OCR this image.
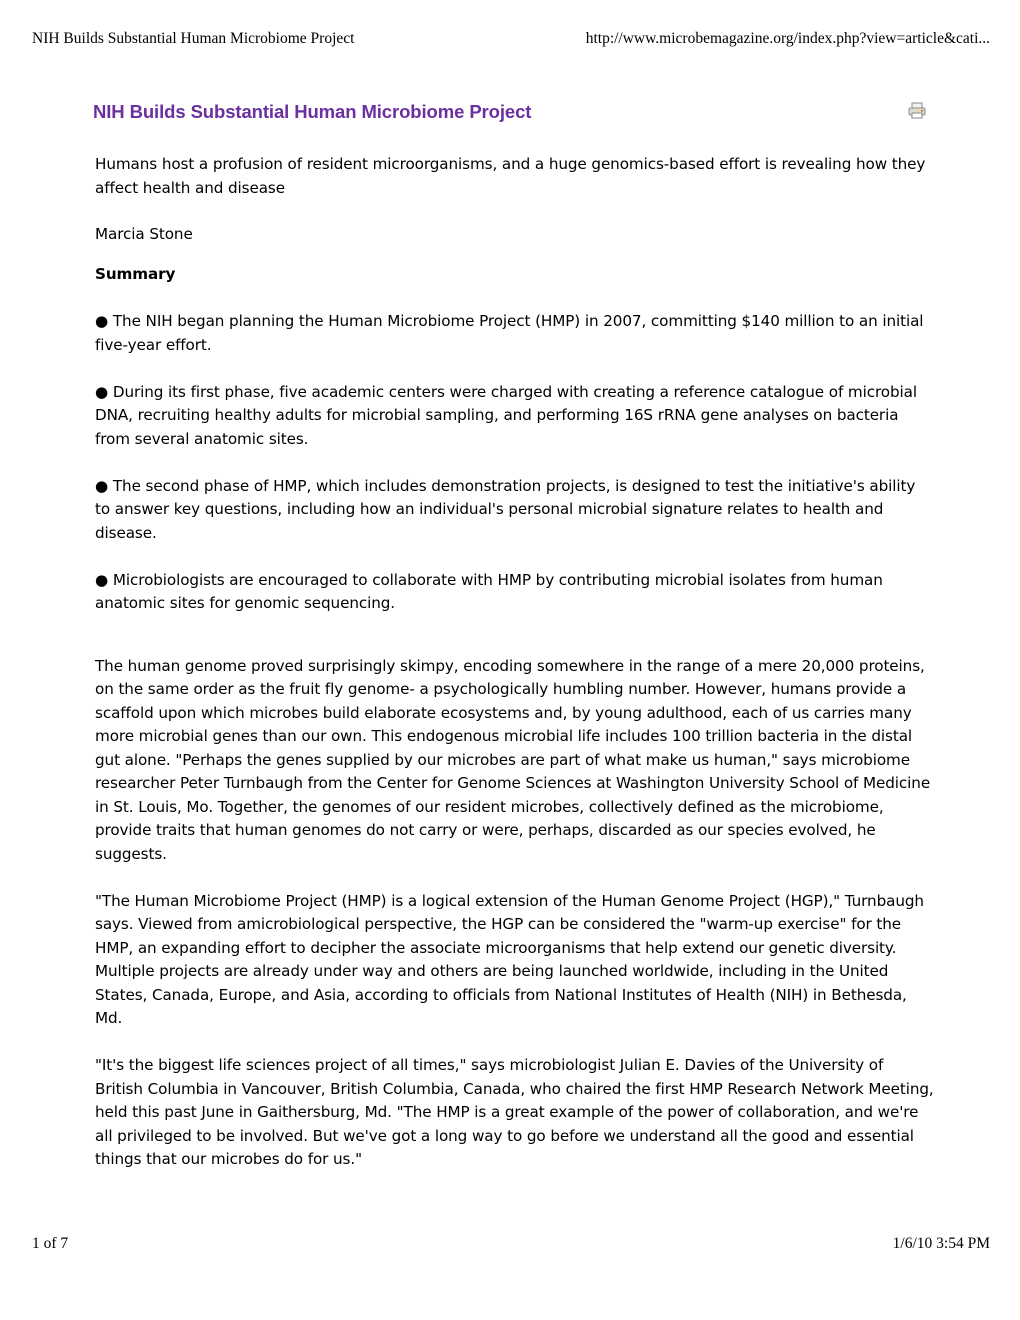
NIH Builds Substantial Human Microbiome Project	http://www.microbemagazine.org/index.php?view=article&cati...
NIH Builds Substantial Human Microbiome Project

Humans host a profusion of resident microorganisms, and a huge genomics-based effort is revealing how they affect health and disease

Marcia Stone

Summary

● The NIH began planning the Human Microbiome Project (HMP) in 2007, committing $140 million to an initial five-year effort.

● During its first phase, five academic centers were charged with creating a reference catalogue of microbial DNA, recruiting healthy adults for microbial sampling, and performing 16S rRNA gene analyses on bacteria from several anatomic sites.

● The second phase of HMP, which includes demonstration projects, is designed to test the initiative's ability to answer key questions, including how an individual's personal microbial signature relates to health and disease.

● Microbiologists are encouraged to collaborate with HMP by contributing microbial isolates from human anatomic sites for genomic sequencing.

The human genome proved surprisingly skimpy, encoding somewhere in the range of a mere 20,000 proteins, on the same order as the fruit fly genome- a psychologically humbling number. However, humans provide a scaffold upon which microbes build elaborate ecosystems and, by young adulthood, each of us carries many more microbial genes than our own. This endogenous microbial life includes 100 trillion bacteria in the distal gut alone. "Perhaps the genes supplied by our microbes are part of what make us human," says microbiome researcher Peter Turnbaugh from the Center for Genome Sciences at Washington University School of Medicine in St. Louis, Mo. Together, the genomes of our resident microbes, collectively defined as the microbiome, provide traits that human genomes do not carry or were, perhaps, discarded as our species evolved, he suggests.

"The Human Microbiome Project (HMP) is a logical extension of the Human Genome Project (HGP)," Turnbaugh says. Viewed from amicrobiological perspective, the HGP can be considered the "warm-up exercise" for the HMP, an expanding effort to decipher the associate microorganisms that help extend our genetic diversity. Multiple projects are already under way and others are being launched worldwide, including in the United States, Canada, Europe, and Asia, according to officials from National Institutes of Health (NIH) in Bethesda, Md.

"It's the biggest life sciences project of all times," says microbiologist Julian E. Davies of the University of British Columbia in Vancouver, British Columbia, Canada, who chaired the first HMP Research Network Meeting, held this past June in Gaithersburg, Md. "The HMP is a great example of the power of collaboration, and we're all privileged to be involved. But we've got a long way to go before we understand all the good and essential things that our microbes do for us."

1 of 7	1/6/10 3:54 PM
